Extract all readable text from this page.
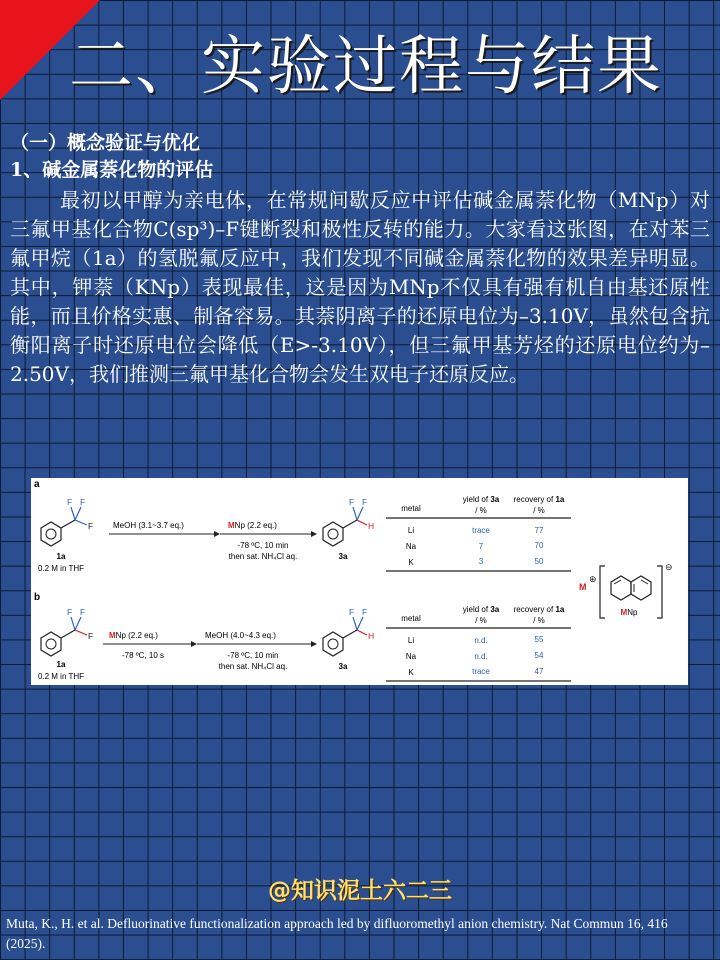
二、实验过程与结果
（一）概念验证与优化
1、碱金属萘化物的评估
最初以甲醇为亲电体，在常规间歇反应中评估碱金属萘化物（MNp）对三氟甲基化合物C(sp³)–F键断裂和极性反转的能力。大家看这张图，在对苯三氟甲烷（1a）的氢脱氟反应中，我们发现不同碱金属萘化物的效果差异明显。其中，钾萘（KNp）表现最佳，这是因为MNp不仅具有强有机自由基还原性能，而且价格实惠、制备容易。其萘阴离子的还原电位为–3.10V，虽然包含抗衡阳离子时还原电位会降低（E>-3.10V），但三氟甲基芳烃的还原电位约为–2.50V，我们推测三氟甲基化合物会发生双电子还原反应。
a
F F
F
1a
0.2 M in THF
MeOH (3.1~3.7 eq.)	MNp (2.2 eq.)
-78 ºC, 10 min
then sat. NH₄Cl aq.
F F
H
3a
metal
yield of 3a
/ %
recovery of 1a
/ %
Li	trace	77
Na	7	70
K	3	50
b
F F
F
1a
0.2 M in THF
MNp (2.2 eq.)
-78 ºC, 10 s
MeOH (4.0~4.3 eq.)
-78 ºC, 10 min
then sat. NH₄Cl aq.
F F
H
3a
metal
yield of 3a
/ %
recovery of 1a
/ %
Li	n.d.	55
Na	n.d.	54
K	trace	47
M
⊕
⊖
MNp
@知识泥土六二三
Muta, K., H. et al. Defluorinative functionalization approach led by difluoromethyl anion chemistry. Nat Commun 16, 416 (2025).
